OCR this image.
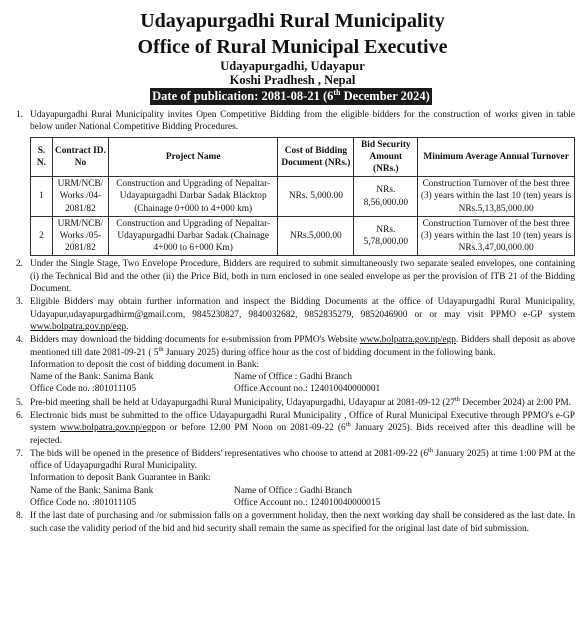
Udayapurgadhi Rural Municipality
Office of Rural Municipal Executive
Udayapurgadhi, Udayapur
Koshi Pradhesh , Nepal
Date of publication: 2081-08-21 (6th December 2024)
1. Udayapurgadhi Rural Municipality invites Open Competitive Bidding from the eligible bidders for the construction of works given in table below under National Competitive Bidding Procedures.

S. N.	Contract ID. No	Project Name	Cost of Bidding Document (NRs.)	Bid Security Amount (NRs.)	Minimum Average Annual Turnover
1	URM/NCB/ Works /04-2081/82	Construction and Upgrading of Nepaltar-Udayapurgadhi Darbar Sadak Blacktop (Chainage 0+000 to 4+000 km)	NRs. 5,000.00	NRs. 8,56,000.00	Construction Turnover of the best three (3) years within the last 10 (ten) years is NRs.5,13,85,000.00
2	URM/NCB/ Works /05-2081/82	Construction and Upgrading of Nepaltar-Udayapurgadhi Darbar Sadak (Chainage 4+000 to 6+000 Km)	NRs.5,000.00	NRs. 5,78,000.00	Construction Turnover of the best three (3) years within the last 10 (ten) years is NRs.3,47,00,000.00
2. Under the Single Stage, Two Envelope Procedure, Bidders are required to submit simultaneously two separate sealed envelopes, one containing (i) the Technical Bid and the other (ii) the Price Bid, both in turn enclosed in one sealed envelope as per the provision of ITB 21 of the Bidding Document.

3. Eligible Bidders may obtain further information and inspect the Bidding Documents at the office of Udayapurgadhi Rural Municipality, Udayapur,udayapurgadhirm@gmail.com, 9845230827, 9840032682, 9852835279, 9852046900 or or may visit PPMO e-GP system www.bolpatra.gov.np/egp.

4. Bidders may download the bidding documents for e-submission from PPMO's Website www.bolpatra.gov.np/egp. Bidders shall deposit as above mentioned till date 2081-09-21 ( 5th January 2025) during office hour as the cost of bidding document in the following bank.

Information to deposit the cost of bidding document in Bank:

Name of the Bank: Sanima Bank	Name of Office : Gadhi Branch
Office Code no. :801011105	Office Account no.: 124010040000001
5. Pre-bid meeting shall be held at Udayapurgadhi Rural Municipality, Udayapurgadhi, Udayapur at 2081-09-12 (27th December 2024) at 2:00 PM.

6. Electronic bids must be submitted to the office Udayapurgadhi Rural Municipality , Office of Rural Municipal Executive through PPMO's e-GP system www.bolpatra.gov.np/egpon or before 12.00 PM Noon on 2081-09-22 (6th January 2025). Bids received after this deadline will be rejected.

7. The bids will be opened in the presence of Bidders' representatives who choose to attend at 2081-09-22 (6th January 2025) at time 1:00 PM at the office of Udayapurgadhi Rural Municipality.

Information to deposit Bank Guarantee in Bank:

Name of the Bank: Sanima Bank	Name of Office : Gadhi Branch
Office Code no. :801011105	Office Account no.: 124010040000015
8. If the last date of purchasing and /or submission falls on a government holiday, then the next working day shall be considered as the last date. In such case the validity period of the bid and bid security shall remain the same as specified for the original last date of bid submission.
